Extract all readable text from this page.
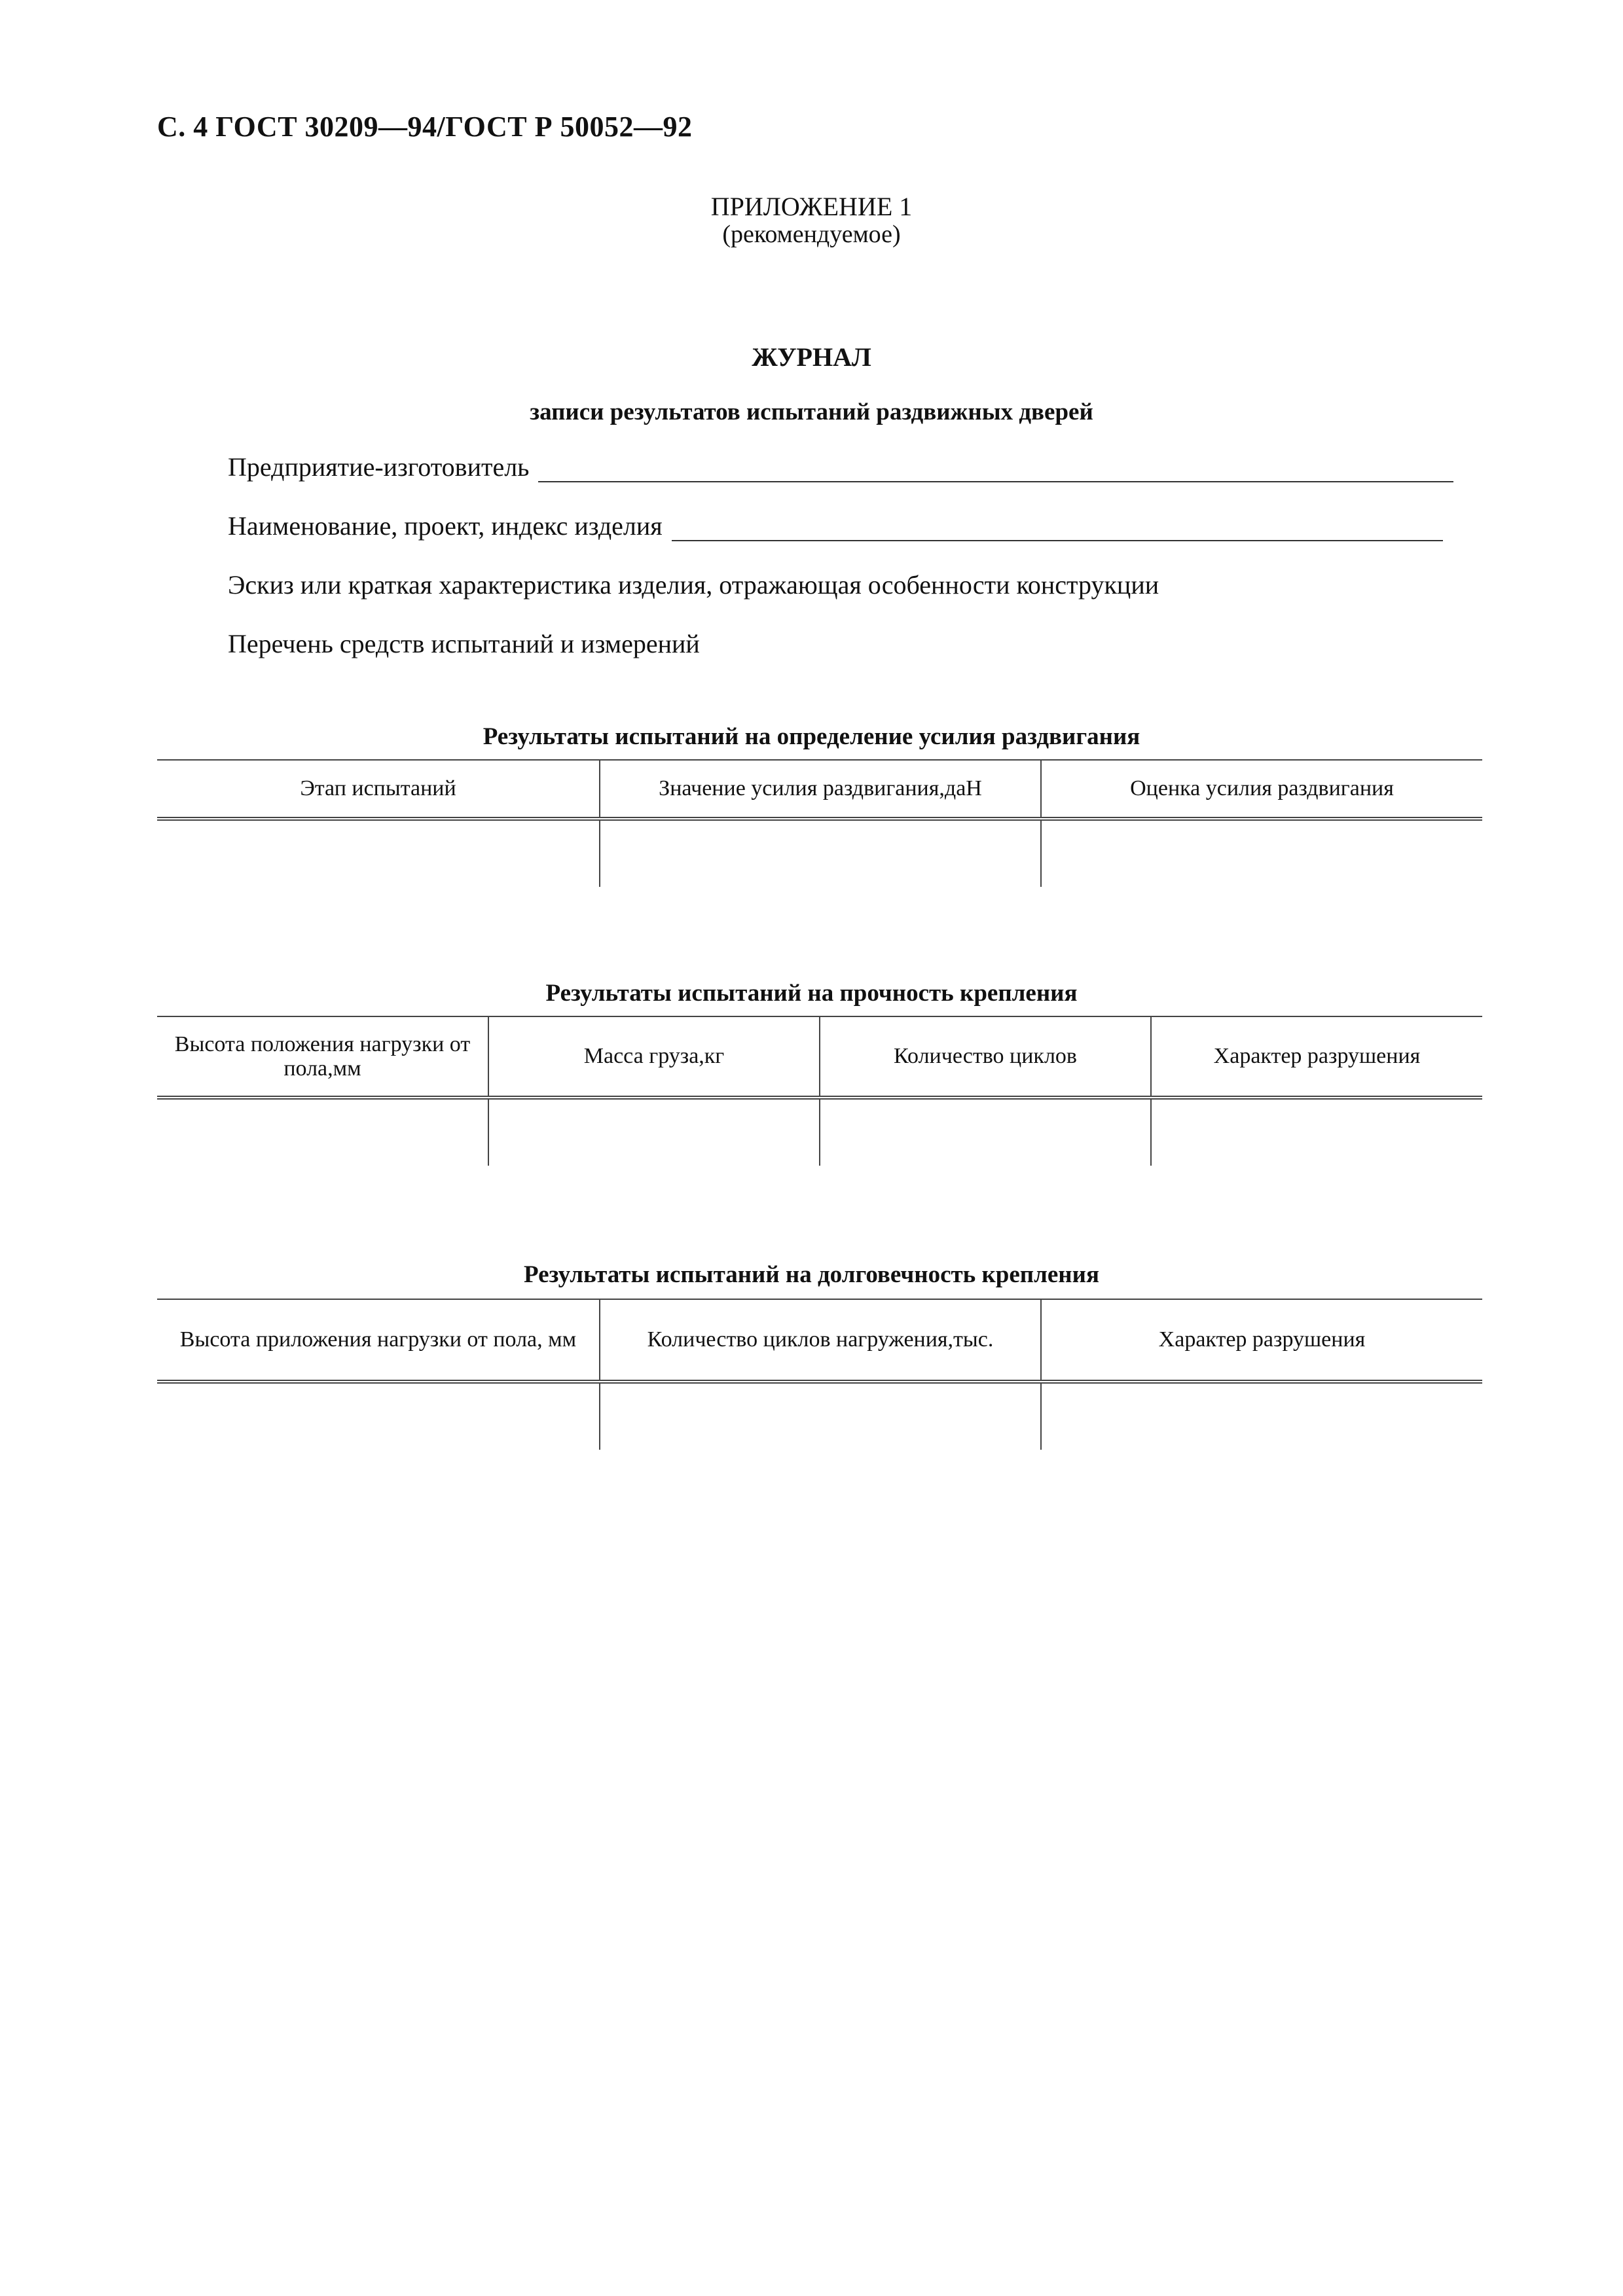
С. 4 ГОСТ 30209—94/ГОСТ Р 50052—92
ПРИЛОЖЕНИЕ 1
(рекомендуемое)
ЖУРНАЛ
записи результатов испытаний раздвижных дверей
Предприятие-изготовитель
Наименование, проект, индекс изделия
Эскиз или краткая характеристика изделия, отражающая особенности конструкции
Перечень средств испытаний и измерений
Результаты испытаний на определение усилия раздвигания
Этап испытаний	Значение усилия раздвигания,даН	Оценка усилия раздвигания

Результаты испытаний на прочность крепления
Высота положения нагрузки от пола,мм	Масса груза,кг	Количество циклов	Характер разрушения

Результаты испытаний на долговечность крепления
Высота приложения нагрузки от пола, мм	Количество циклов нагружения,тыс.	Характер разрушения
